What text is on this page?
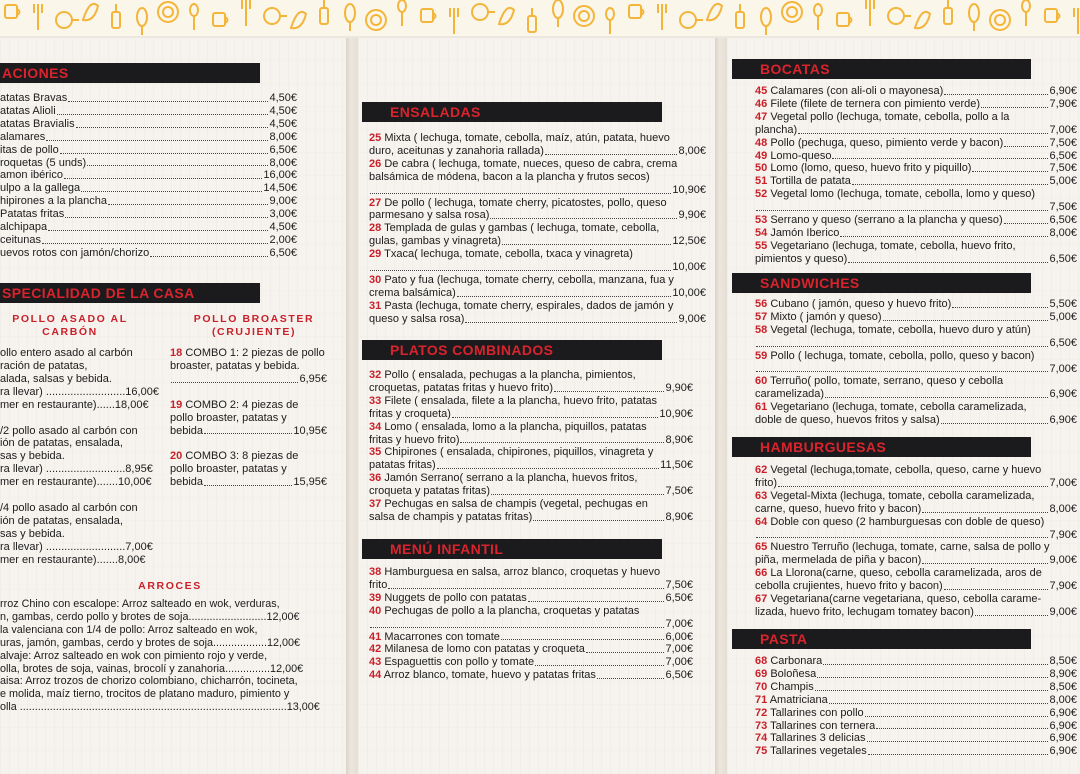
ACIONES
atatas Bravas	4,50€
atatas Alioli	4,50€
atatas Bravialis	4,50€
alamares	8,00€
itas de pollo	6,50€
roquetas (5 unds)	8,00€
amon ibérico	16,00€
ulpo a la gallega	14,50€
hipirones a la plancha	9,00€
Patatas fritas	3,00€
alchipapa	4,50€
ceitunas	2,00€
uevos rotos con jamón/chorizo	6,50€
SPECIALIDAD DE LA CASA
POLLO ASADO AL
CARBÓN
ollo entero asado al carbón
ración de patatas,
alada, salsas y bebida.
ra llevar) ..........................16,00€
mer en restaurante)......18,00€
/2 pollo asado al carbón con
ión de patatas, ensalada,
sas y bebida.
ra llevar) ..........................8,95€
mer en restaurante).......10,00€
/4 pollo asado al carbón con
ión de patatas, ensalada,
sas y bebida.
ra llevar) ..........................7,00€
mer en restaurante).......8,00€
POLLO BROASTER
(CRUJIENTE)
18 COMBO 1: 2 piezas de pollo
broaster, patatas y bebida.
6,95€
19 COMBO 2: 4 piezas de
pollo broaster, patatas y
bebida	10,95€
20 COMBO 3: 8 piezas de
pollo broaster, patatas y
bebida	15,95€
ARROCES
rroz Chino con escalope: Arroz salteado en wok, verduras,
n, gambas, cerdo pollo y brotes de soja..........................12,00€
la valenciana con 1/4 de pollo: Arroz salteado en wok,
uras, jamón, gambas, cerdo y brotes de soja..................12,00€
alvaje: Arroz salteado en wok con pimiento rojo y verde,
olla, brotes de soja, vainas, brocolí y zanahoria...............12,00€
aisa: Arroz trozos de chorizo colombiano, chicharrón, tocineta,
e molida, maíz tierno, trocitos de platano maduro, pimiento y
olla .........................................................................................13,00€
ENSALADAS
25 Mixta ( lechuga, tomate, cebolla, maíz, atún, patata, huevo
duro, aceitunas y zanahoria rallada)	8,00€
26 De cabra ( lechuga, tomate, nueces, queso de cabra, crema
balsámica de módena, bacon a la plancha y frutos secos)
10,90€
27 De pollo ( lechuga, tomate cherry, picatostes, pollo, queso
parmesano y salsa rosa)	9,90€
28 Templada de gulas y gambas ( lechuga, tomate, cebolla,
gulas, gambas y vinagreta)	12,50€
29 Txaca( lechuga, tomate, cebolla, txaca y vinagreta)
10,00€
30 Pato y fua (lechuga, tomate cherry, cebolla, manzana, fua y
crema balsámica)	10,00€
31 Pasta (lechuga, tomate cherry, espirales, dados de jamón y
queso y salsa rosa)	9,00€
PLATOS COMBINADOS
32 Pollo ( ensalada, pechugas a la plancha, pimientos,
croquetas, patatas fritas y huevo frito)	9,90€
33 Filete ( ensalada, filete a la plancha, huevo frito, patatas
fritas y croqueta)	10,90€
34 Lomo ( ensalada, lomo a la plancha, piquillos, patatas
fritas y huevo frito)	8,90€
35 Chipirones ( ensalada, chipirones, piquillos, vinagreta y
patatas fritas)	11,50€
36 Jamón Serrano( serrano a la plancha, huevos fritos,
croqueta y patatas fritas)	7,50€
37 Pechugas en salsa de champis (vegetal, pechugas en
salsa de champis y patatas fritas)	8,90€
MENÚ INFANTIL
38 Hamburguesa en salsa, arroz blanco, croquetas y huevo
frito	7,50€
39 Nuggets de pollo con patatas	6,50€
40 Pechugas de pollo a la plancha, croquetas y patatas
7,00€
41 Macarrones con tomate	6,00€
42 Milanesa de lomo con patatas y croqueta	7,00€
43 Espaguettis con pollo y tomate	7,00€
44 Arroz blanco, tomate, huevo y patatas fritas	6,50€
BOCATAS
45 Calamares (con ali-oli o mayonesa)	6,90€
46 Filete (filete de ternera con pimiento verde)	7,90€
47 Vegetal pollo (lechuga, tomate, cebolla, pollo a la
plancha)	7,00€
48 Pollo (pechuga, queso, pimiento verde y bacon)	7,50€
49 Lomo-queso	6,50€
50 Lomo (lomo, queso, huevo frito y piquillo)	7,50€
51 Tortilla de patata	5,00€
52 Vegetal lomo (lechuga, tomate, cebolla, lomo y queso)
7,50€
53 Serrano y queso (serrano a la plancha y queso)	6,50€
54 Jamón Iberico	8,00€
55 Vegetariano (lechuga, tomate, cebolla, huevo frito,
pimientos y queso)	6,50€
SANDWICHES
56 Cubano ( jamón, queso y huevo frito)	5,50€
57 Mixto ( jamón y queso)	5,00€
58 Vegetal (lechuga, tomate, cebolla, huevo duro y atún)
6,50€
59 Pollo ( lechuga, tomate, cebolla, pollo, queso y bacon)
7,00€
60 Terruño( pollo, tomate, serrano, queso y cebolla
caramelizada)	6,90€
61 Vegetariano (lechuga, tomate, cebolla caramelizada,
doble de queso, huevos fritos y salsa)	6,90€
HAMBURGUESAS
62 Vegetal (lechuga,tomate, cebolla, queso, carne y huevo
frito)	7,00€
63 Vegetal-Mixta (lechuga, tomate, cebolla caramelizada,
carne, queso, huevo frito y bacon)	8,00€
64 Doble con queso (2 hamburguesas con doble de queso)
7,90€
65 Nuestro Terruño (lechuga, tomate, carne, salsa de pollo y
piña, mermelada de piña y bacon)	9,00€
66 La Llorona(carne, queso, cebolla caramelizada, aros de
cebolla crujientes, huevo frito y bacon)	7,90€
67 Vegetariana(carne vegetariana, queso, cebolla carame-
lizada, huevo frito, lechugam tomatey bacon)	9,00€
PASTA
68 Carbonara	8,50€
69 Boloñesa	8,90€
70 Champis	8,50€
71 Amatriciana	8,00€
72 Tallarines con pollo	6,90€
73 Tallarines con ternera	6,90€
74 Tallarines 3 delicias	6,90€
75 Tallarines vegetales	6,90€
